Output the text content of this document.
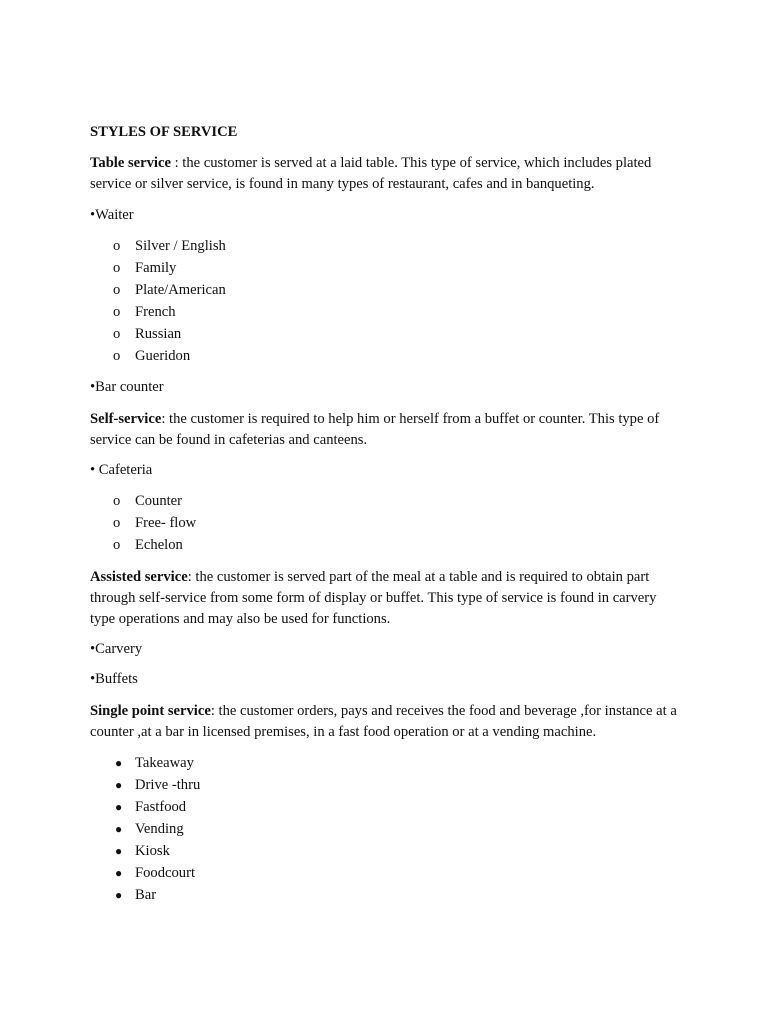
STYLES OF SERVICE
Table service : the customer is served at a laid table. This type of service, which includes plated service or silver service, is found in many types of restaurant, cafes and in banqueting.
•Waiter
o Silver / English
o Family
o Plate/American
o French
o Russian
o Gueridon
•Bar counter
Self-service: the customer is required to help him or herself from a buffet or counter. This type of service can be found in cafeterias and canteens.
• Cafeteria
o Counter
o Free- flow
o Echelon
Assisted service: the customer is served part of the meal at a table and is required to obtain part through self-service from some form of display or buffet. This type of service is found in carvery type operations and may also be used for functions.
•Carvery
•Buffets
Single point service: the customer orders, pays and receives the food and beverage ,for instance at a counter ,at a bar in licensed premises, in a fast food operation or at a vending machine.
● Takeaway
● Drive -thru
● Fastfood
● Vending
● Kiosk
● Foodcourt
● Bar
